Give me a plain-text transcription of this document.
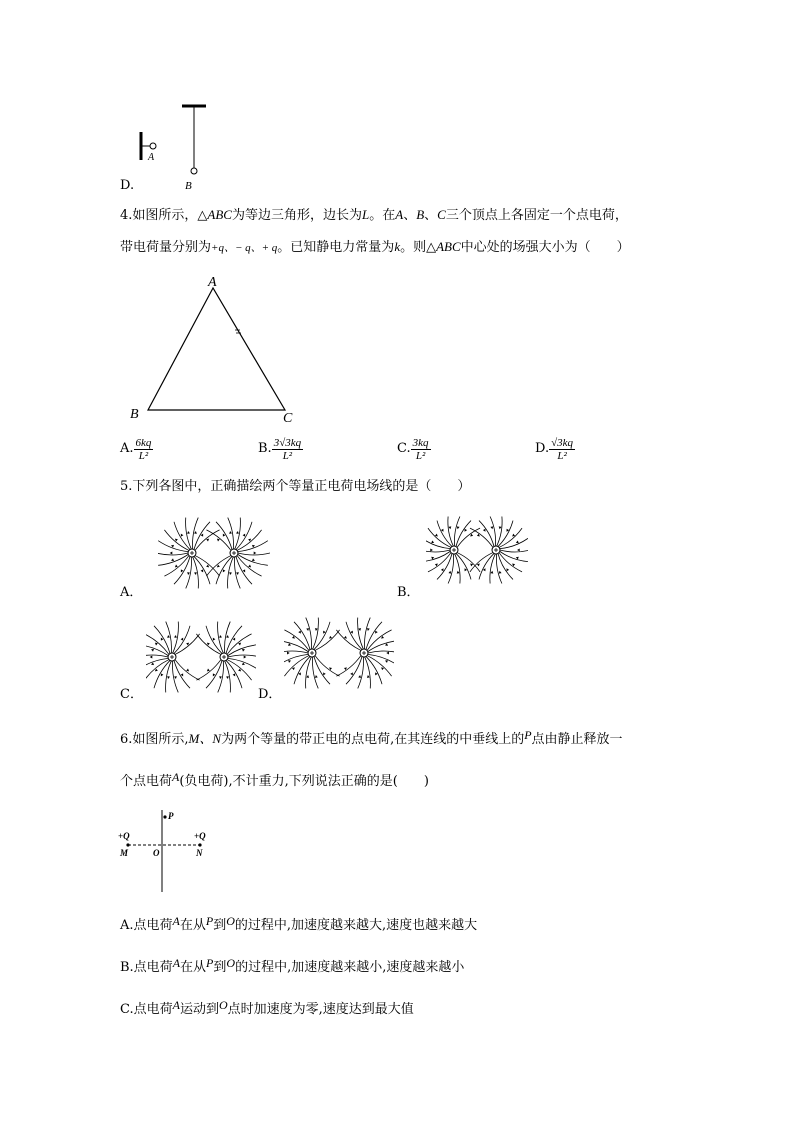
A
B
D.
4.如图所示，△ABC为等边三角形，边长为L。在A、B、C三个顶点上各固定一个点电荷，
带电荷量分别为+q、− q、+ q。已知静电力常量为k。则△ABC中心处的场强大小为（　　）
A
B	C
A. $\frac{6kq}{\text{L²}}$	B. $\frac{3√3kq}{\text{L²}}$	C. $\frac{3kq}{\text{L²}}$	D. $\frac{√3kq}{\text{L²}}$
5.下列各图中，正确描绘两个等量正电荷电场线的是（　　）
A．	B．
C．	D．
6.如图所示,M、N为两个等量的带正电的点电荷,在其连线的中垂线上的P点由静止释放一
个点电荷A(负电荷),不计重力,下列说法正确的是(　　)
P
+Q	+Q
M	O	N
A.点电荷A在从P到O的过程中,加速度越来越大,速度也越来越大
B.点电荷A在从P到O的过程中,加速度越来越小,速度越来越小
C.点电荷A运动到O点时加速度为零,速度达到最大值
